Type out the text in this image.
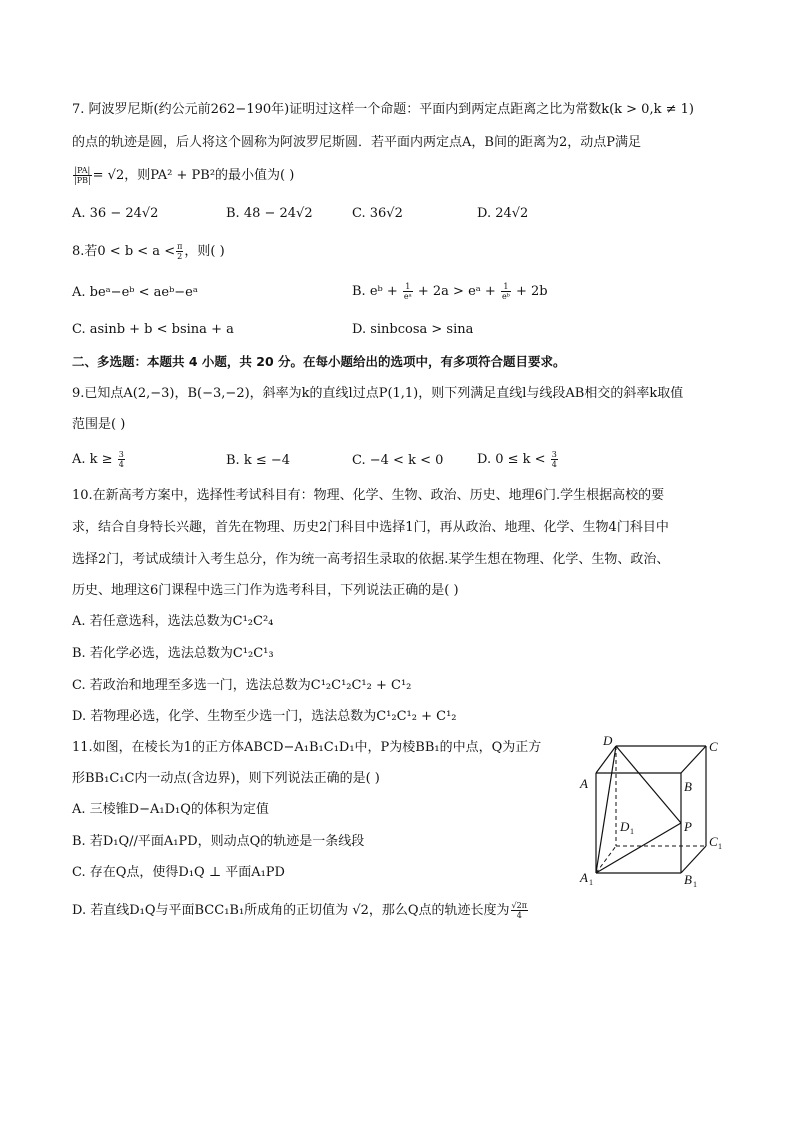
7. 阿波罗尼斯(约公元前262−190年)证明过这样一个命题：平面内到两定点距离之比为常数k(k > 0,k ≠ 1)
的点的轨迹是圆，后人将这个圆称为阿波罗尼斯圆．若平面内两定点A，B间的距离为2，动点P满足
$\frac{|PA|}{|PB|} = √2$，则PA² + PB²的最小值为( )
A. 36 − 24√2	B. 48 − 24√2	C. 36√2	D. 24√2
8.若$0 < b < a < \frac{\pi}{2}$ ，则( )
A. beᵃ−eᵇ < aeᵇ−eᵃ	B. eᵇ + $\frac{1}{\text{eᵃ}} + 2a$ > eᵃ + $\frac{1}{\text{eᵇ}} + 2b$
C. asinb + b < bsina + a	D. sinbcosa > sina
二、多选题：本题共 4 小题，共 20 分。在每小题给出的选项中，有多项符合题目要求。
9.已知点A(2,−3)，B(−3,−2)，斜率为k的直线l过点P(1,1)，则下列满足直线l与线段AB相交的斜率k取值
范围是( )
A. $k \ge \frac{3}{4}$	B. k ≤ −4	C. −4 < k < 0	D. $0 \le k < \frac{3}{4}$
10.在新高考方案中，选择性考试科目有：物理、化学、生物、政治、历史、地理6门.学生根据高校的要
求，结合自身特长兴趣，首先在物理、历史2门科目中选择1门，再从政治、地理、化学、生物4门科目中
选择2门，考试成绩计入考生总分，作为统一高考招生录取的依据.某学生想在物理、化学、生物、政治、
历史、地理这6门课程中选三门作为选考科目，下列说法正确的是( )
A. 若任意选科，选法总数为C¹₂C²₄
B. 若化学必选，选法总数为C¹₂C¹₃
C. 若政治和地理至多选一门，选法总数为C¹₂C¹₂C¹₂ + C¹₂
D. 若物理必选，化学、生物至少选一门，选法总数为C¹₂C¹₂ + C¹₂
11.如图，在棱长为1的正方体ABCD−A₁B₁C₁D₁中，P为棱BB₁的中点，Q为正方
形BB₁C₁C内一动点(含边界)，则下列说法正确的是( )
A. 三棱锥D−A₁D₁Q的体积为定值
B. 若D₁Q//平面A₁PD，则动点Q的轨迹是一条线段
C. 存在Q点，使得D₁Q ⊥ 平面A₁PD
D. 若直线D₁Q与平面BCC₁B₁所成角的正切值为 √2，那么Q点的轨迹长度为 $\frac{√2\pi}{4}$
D	C
A	B
D 1	P
C 1
A 1	B 1
